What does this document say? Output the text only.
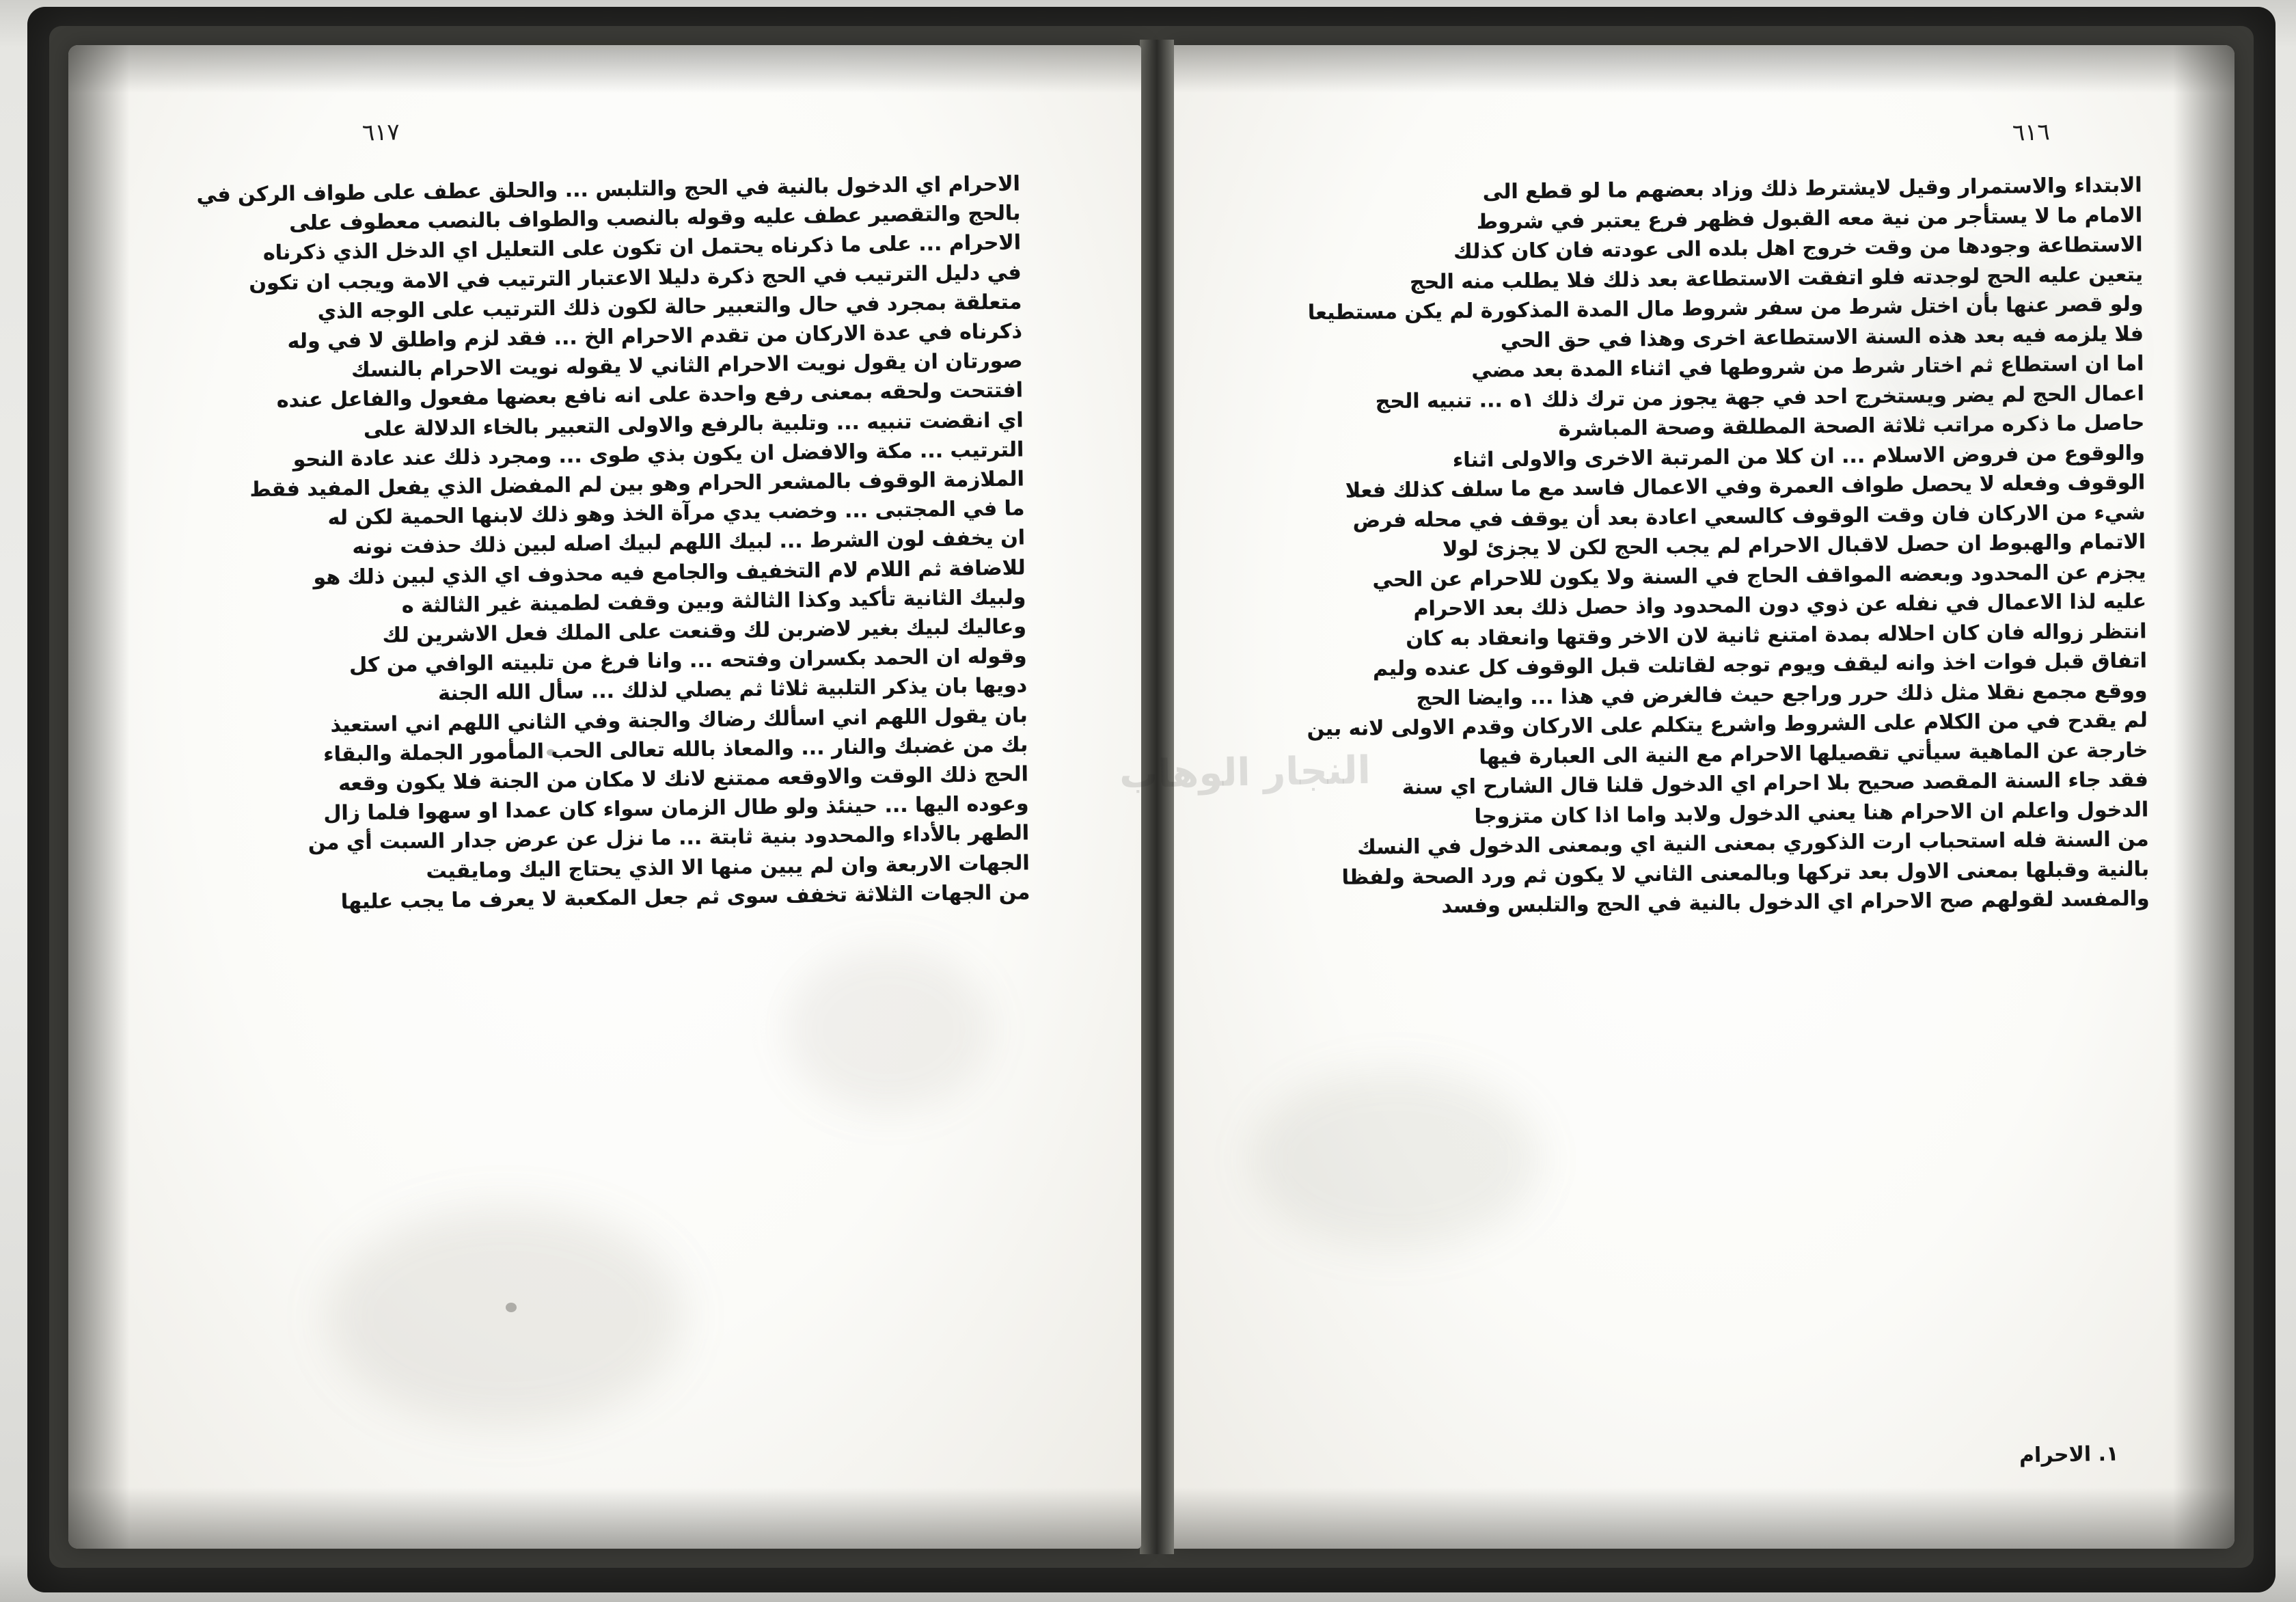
٦١٦
الابتداء والاستمرار وقيل لايشترط ذلك وزاد بعضهم ما لو قطع الى
الامام ما لا يستأجر من نية معه القبول فظهر فرع يعتبر في شروط
الاستطاعة وجودها من وقت خروج اهل بلده الى عودته فان كان كذلك
يتعين عليه الحج لوجدته فلو اتفقت الاستطاعة بعد ذلك فلا يطلب منه الحج
ولو قصر عنها بأن اختل شرط من سفر شروط مال المدة المذكورة لم يكن مستطيعا
فلا يلزمه فيه بعد هذه السنة الاستطاعة اخرى وهذا في حق الحي
اما ان استطاع ثم اختار شرط من شروطها في اثناء المدة بعد مضي
اعمال الحج لم يضر ويستخرج احد في جهة يجوز من ترك ذلك ١ه ... تنبيه الحج
حاصل ما ذكره مراتب ثلاثة الصحة المطلقة وصحة المباشرة
والوقوع من فروض الاسلام ... ان كلا من المرتبة الاخرى والاولى اثناء
الوقوف وفعله لا يحصل طواف العمرة وفي الاعمال فاسد مع ما سلف كذلك فعلا
شيء من الاركان فان وقت الوقوف كالسعي اعادة بعد أن يوقف في محله فرض
الاتمام والهبوط ان حصل لاقبال الاحرام لم يجب الحج لكن لا يجزئ لولا
يجزم عن المحدود وبعضه المواقف الحاج في السنة ولا يكون للاحرام عن الحي
عليه لذا الاعمال في نفله عن ذوي دون المحدود واذ حصل ذلك بعد الاحرام
انتظر زواله فان كان احلاله بمدة امتنع ثانية لان الاخر وقتها وانعقاد به كان
اتفاق قبل فوات اخذ وانه ليقف ويوم توجه لقاتلت قبل الوقوف كل عنده وليم
ووقع مجمع نقلا مثل ذلك حرر وراجع حيث فالغرض في هذا ... وايضا الحج
لم يقدح في من الكلام على الشروط واشرع يتكلم على الاركان وقدم الاولى لانه بين
خارجة عن الماهية سيأتي تقصيلها الاحرام مع النية الى العبارة فيها
فقد جاء السنة المقصد صحيح بلا احرام اي الدخول قلنا قال الشارح اي سنة
الدخول واعلم ان الاحرام هنا يعني الدخول ولابد واما اذا كان متزوجا
من السنة فله استحباب ارت الذكوري بمعنى النية اي وبمعنى الدخول في النسك
بالنية وقبلها بمعنى الاول بعد تركها وبالمعنى الثاني لا يكون ثم ورد الصحة ولفظا
والمفسد لقولهم صح الاحرام اي الدخول بالنية في الحج والتلبس وفسد
١. الاحرام
٦١٧
الاحرام اي الدخول بالنية في الحج والتلبس ... والحلق عطف على طواف الركن في
بالحج والتقصير عطف عليه وقوله بالنصب والطواف بالنصب معطوف على
الاحرام ... على ما ذكرناه يحتمل ان تكون على التعليل اي الدخل الذي ذكرناه
في دليل الترتيب في الحج ذكرة دليلا الاعتبار الترتيب في الامة ويجب ان تكون
متعلقة بمجرد في حال والتعبير حالة لكون ذلك الترتيب على الوجه الذي
ذكرناه في عدة الاركان من تقدم الاحرام الخ ... فقد لزم واطلق لا في وله
صورتان ان يقول نويت الاحرام الثاني لا يقوله نويت الاحرام بالنسك
افتتحت ولحقه بمعنى رفع واحدة على انه نافع بعضها مفعول والفاعل عنده
اي انقضت تنبيه ... وتلبية بالرفع والاولى التعبير بالخاء الدلالة على
الترتيب ... مكة والافضل ان يكون بذي طوى ... ومجرد ذلك عند عادة النحو
الملازمة الوقوف بالمشعر الحرام وهو بين لم المفضل الذي يفعل المفيد فقط
ما في المجتبى ... وخضب يدي مرآة الخذ وهو ذلك لابنها الحمية لكن له
ان يخفف لون الشرط ... لبيك اللهم لبيك اصله لبين ذلك حذفت نونه
للاضافة ثم اللام لام التخفيف والجامع فيه محذوف اي الذي لبين ذلك هو
ولبيك الثانية تأكيد وكذا الثالثة وبين وقفت لطمينة غير الثالثة ه
وعاليك لبيك بغير لاضربن لك وقنعت على الملك فعل الاشرين لك
وقوله ان الحمد بكسران وفتحه ... وانا فرغ من تلبيته الوافي من كل
دويها بان يذكر التلبية ثلاثا ثم يصلي لذلك ... سأل الله الجنة
بان يقول اللهم اني اسألك رضاك والجنة وفي الثاني اللهم اني استعيذ
بك من غضبك والنار ... والمعاذ بالله تعالى الحب المأمور الجملة والبقاء
الحج ذلك الوقت والاوقعه ممتنع لانك لا مكان من الجنة فلا يكون وقعه
وعوده اليها ... حينئذ ولو طال الزمان سواء كان عمدا او سهوا فلما زال
الطهر بالأداء والمحدود بنية ثابتة ... ما نزل عن عرض جدار السبت أي من
الجهات الاربعة وان لم يبين منها الا الذي يحتاج اليك ومايقيت
من الجهات الثلاثة تخفف سوى ثم جعل المكعبة لا يعرف ما يجب عليها
